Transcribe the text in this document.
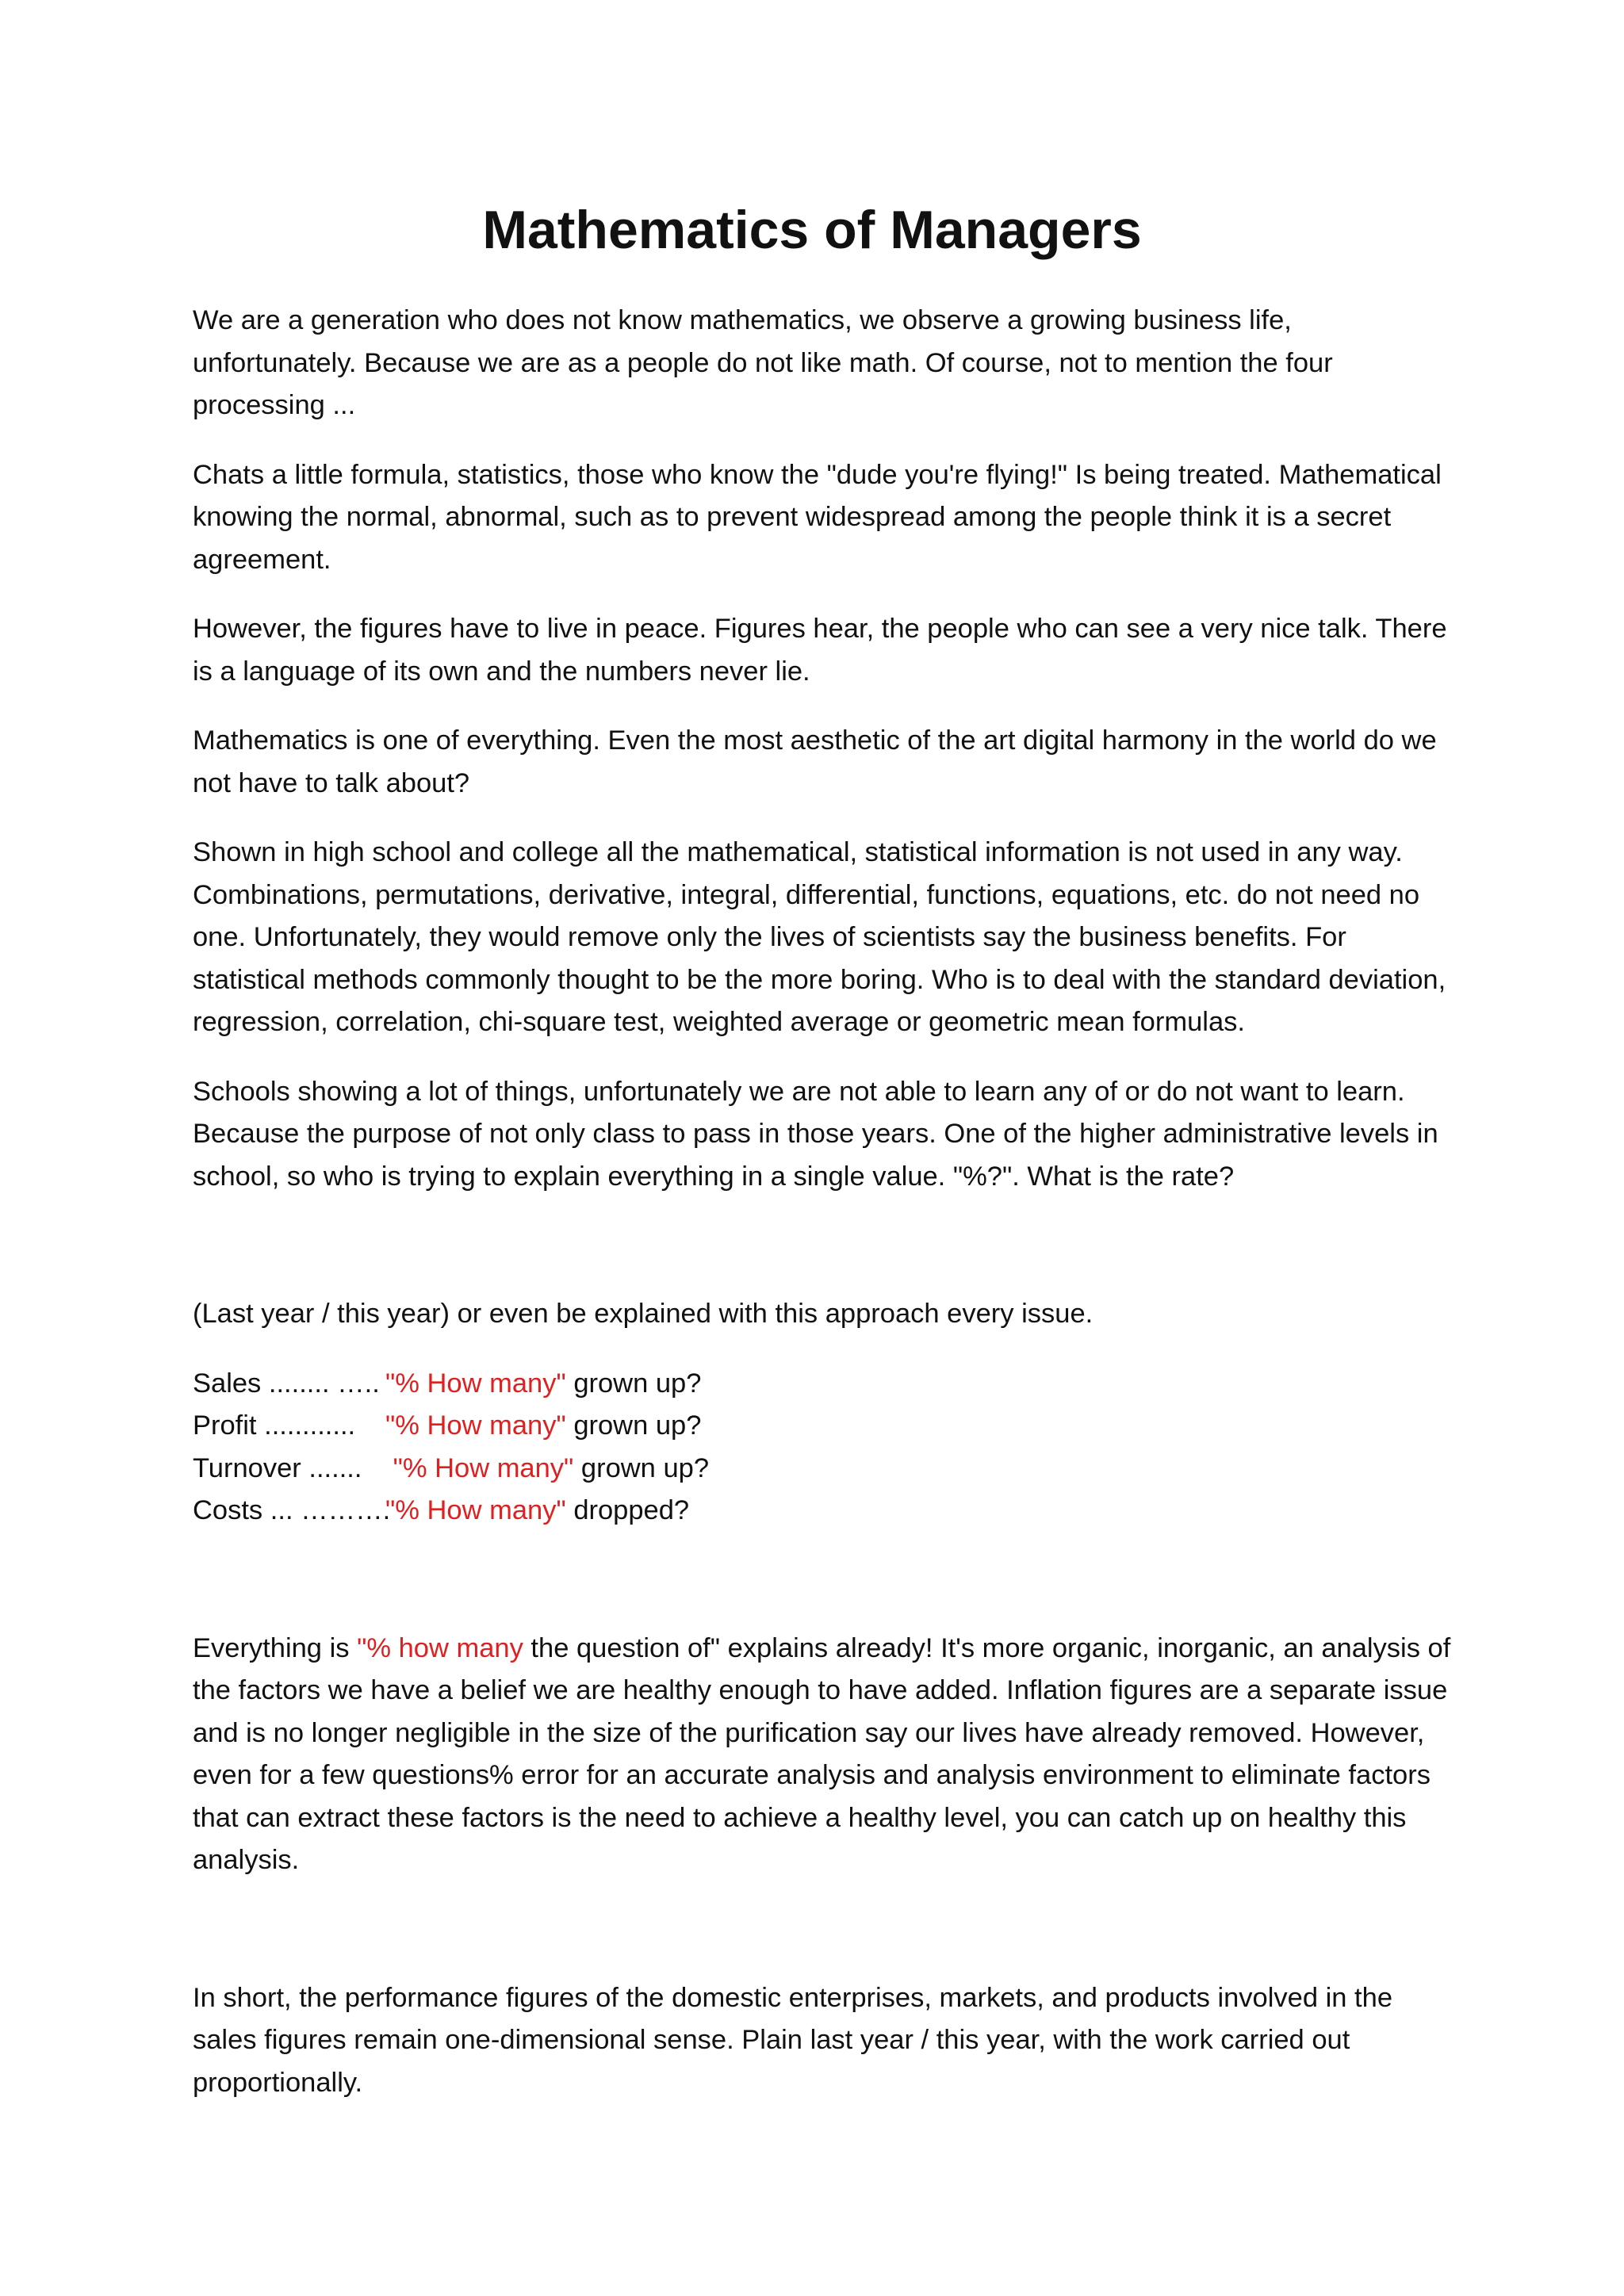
Mathematics of Managers

We are a generation who does not know mathematics, we observe a growing business life, unfortunately. Because we are as a people do not like math. Of course, not to mention the four processing ...

Chats a little formula, statistics, those who know the "dude you're flying!" Is being treated. Mathematical knowing the normal, abnormal, such as to prevent widespread among the people think it is a secret agreement.

However, the figures have to live in peace. Figures hear, the people who can see a very nice talk. There is a language of its own and the numbers never lie.

Mathematics is one of everything. Even the most aesthetic of the art digital harmony in the world do we not have to talk about?

Shown in high school and college all the mathematical, statistical information is not used in any way. Combinations, permutations, derivative, integral, differential, functions, equations, etc. do not need no one. Unfortunately, they would remove only the lives of scientists say the business benefits. For statistical methods commonly thought to be the more boring. Who is to deal with the standard deviation, regression, correlation, chi-square test, weighted average or geometric mean formulas.

Schools showing a lot of things, unfortunately we are not able to learn any of or do not want to learn. Because the purpose of not only class to pass in those years. One of the higher administrative levels in school, so who is trying to explain everything in a single value. "%?". What is the rate?

(Last year / this year) or even be explained with this approach every issue.

Sales ........ ….. "% How many" grown up?
Profit ............ "% How many" grown up?
Turnover ....... "% How many" grown up?
Costs ... ………."% How many" dropped?

Everything is "% how many the question of" explains already! It's more organic, inorganic, an analysis of the factors we have a belief we are healthy enough to have added. Inflation figures are a separate issue and is no longer negligible in the size of the purification say our lives have already removed. However, even for a few questions% error for an accurate analysis and analysis environment to eliminate factors that can extract these factors is the need to achieve a healthy level, you can catch up on healthy this analysis.

In short, the performance figures of the domestic enterprises, markets, and products involved in the sales figures remain one-dimensional sense. Plain last year / this year, with the work carried out proportionally.
